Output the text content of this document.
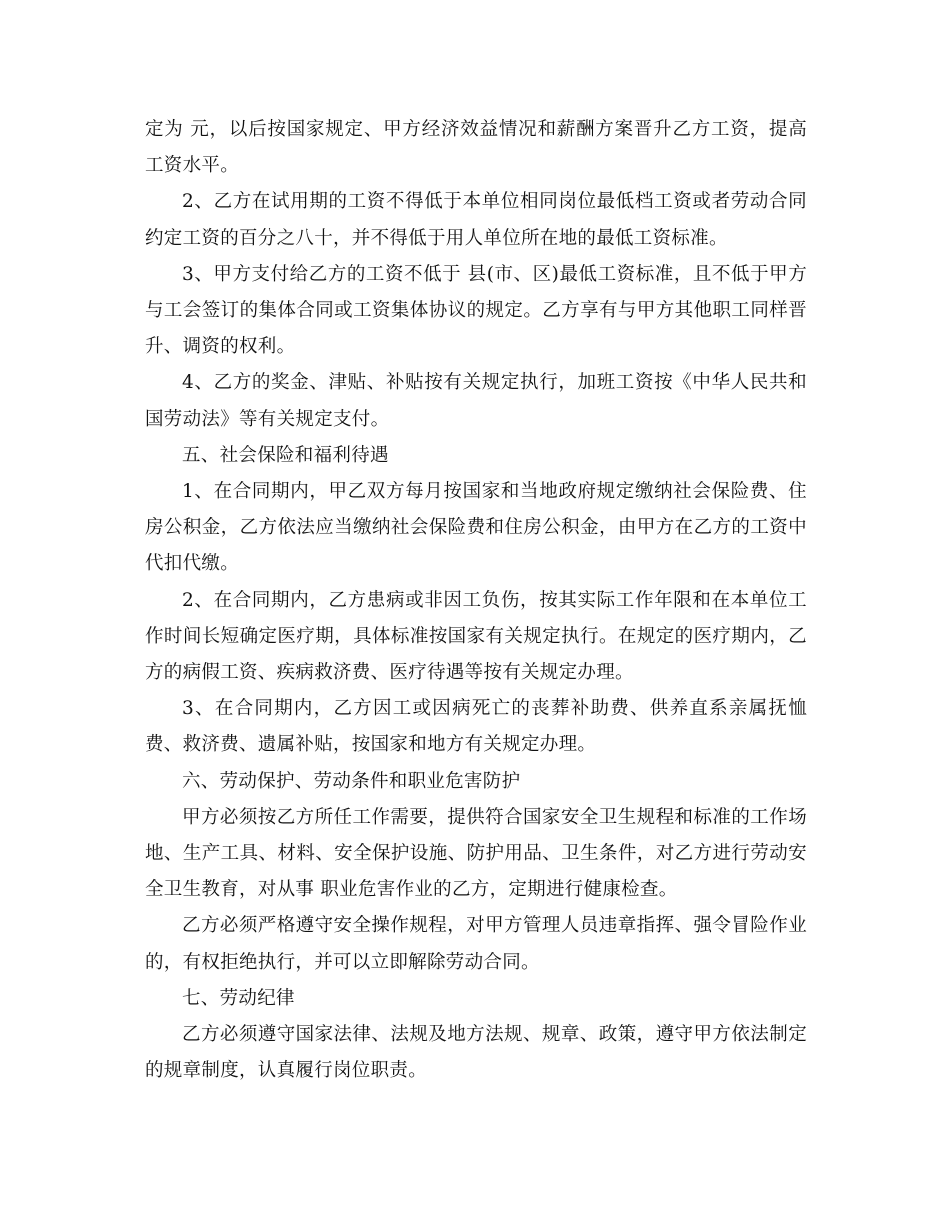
定为 元，以后按国家规定、甲方经济效益情况和薪酬方案晋升乙方工资，提高工资水平。

2、乙方在试用期的工资不得低于本单位相同岗位最低档工资或者劳动合同约定工资的百分之八十，并不得低于用人单位所在地的最低工资标准。

3、甲方支付给乙方的工资不低于 县(市、区)最低工资标准，且不低于甲方与工会签订的集体合同或工资集体协议的规定。乙方享有与甲方其他职工同样晋升、调资的权利。

4、乙方的奖金、津贴、补贴按有关规定执行，加班工资按《中华人民共和国劳动法》等有关规定支付。

五、社会保险和福利待遇

1、在合同期内，甲乙双方每月按国家和当地政府规定缴纳社会保险费、住房公积金，乙方依法应当缴纳社会保险费和住房公积金，由甲方在乙方的工资中代扣代缴。

2、在合同期内，乙方患病或非因工负伤，按其实际工作年限和在本单位工作时间长短确定医疗期，具体标准按国家有关规定执行。在规定的医疗期内，乙方的病假工资、疾病救济费、医疗待遇等按有关规定办理。

3、在合同期内，乙方因工或因病死亡的丧葬补助费、供养直系亲属抚恤费、救济费、遗属补贴，按国家和地方有关规定办理。

六、劳动保护、劳动条件和职业危害防护

甲方必须按乙方所任工作需要，提供符合国家安全卫生规程和标准的工作场地、生产工具、材料、安全保护设施、防护用品、卫生条件，对乙方进行劳动安全卫生教育，对从事 职业危害作业的乙方，定期进行健康检查。

乙方必须严格遵守安全操作规程，对甲方管理人员违章指挥、强令冒险作业的，有权拒绝执行，并可以立即解除劳动合同。

七、劳动纪律

乙方必须遵守国家法律、法规及地方法规、规章、政策，遵守甲方依法制定的规章制度，认真履行岗位职责。
